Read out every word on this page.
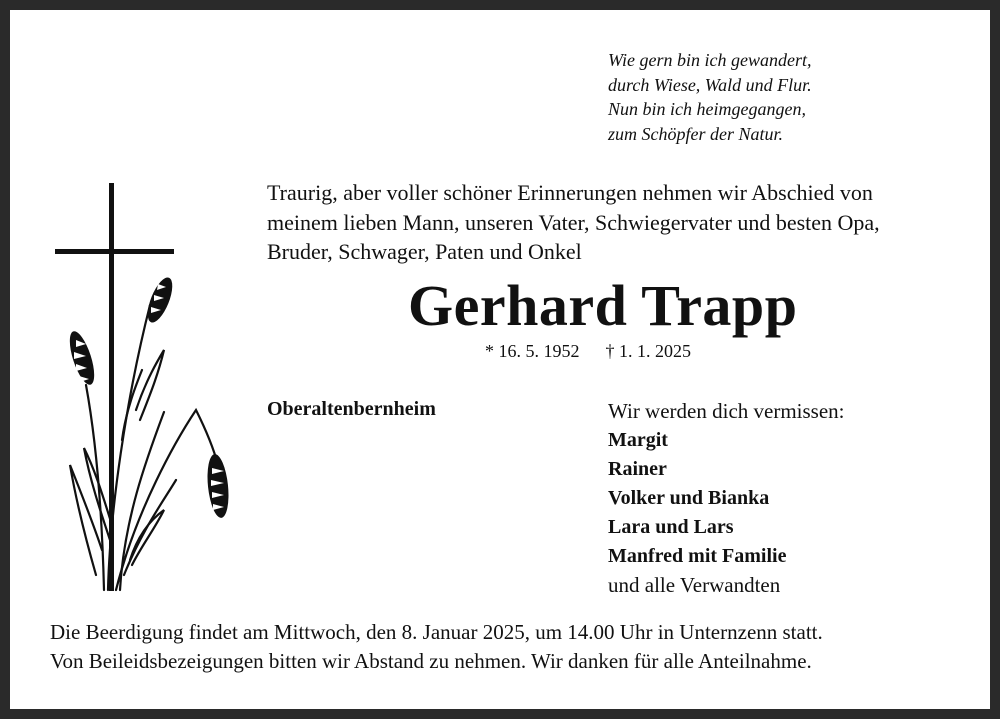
Wie gern bin ich gewandert,
durch Wiese, Wald und Flur.
Nun bin ich heimgegangen,
zum Schöpfer der Natur.
Traurig, aber voller schöner Erinnerungen nehmen wir Abschied von
meinem lieben Mann, unseren Vater, Schwiegervater und besten Opa,
Bruder, Schwager, Paten und Onkel
Gerhard Trapp
* 16. 5. 1952 † 1. 1. 2025
Oberaltenbernheim	Wir werden dich vermissen:
Margit
Rainer
Volker und Bianka
Lara und Lars
Manfred mit Familie
und alle Verwandten
Die Beerdigung findet am Mittwoch, den 8. Januar 2025, um 14.00 Uhr in Unternzenn statt.
Von Beileidsbezeigungen bitten wir Abstand zu nehmen. Wir danken für alle Anteilnahme.
